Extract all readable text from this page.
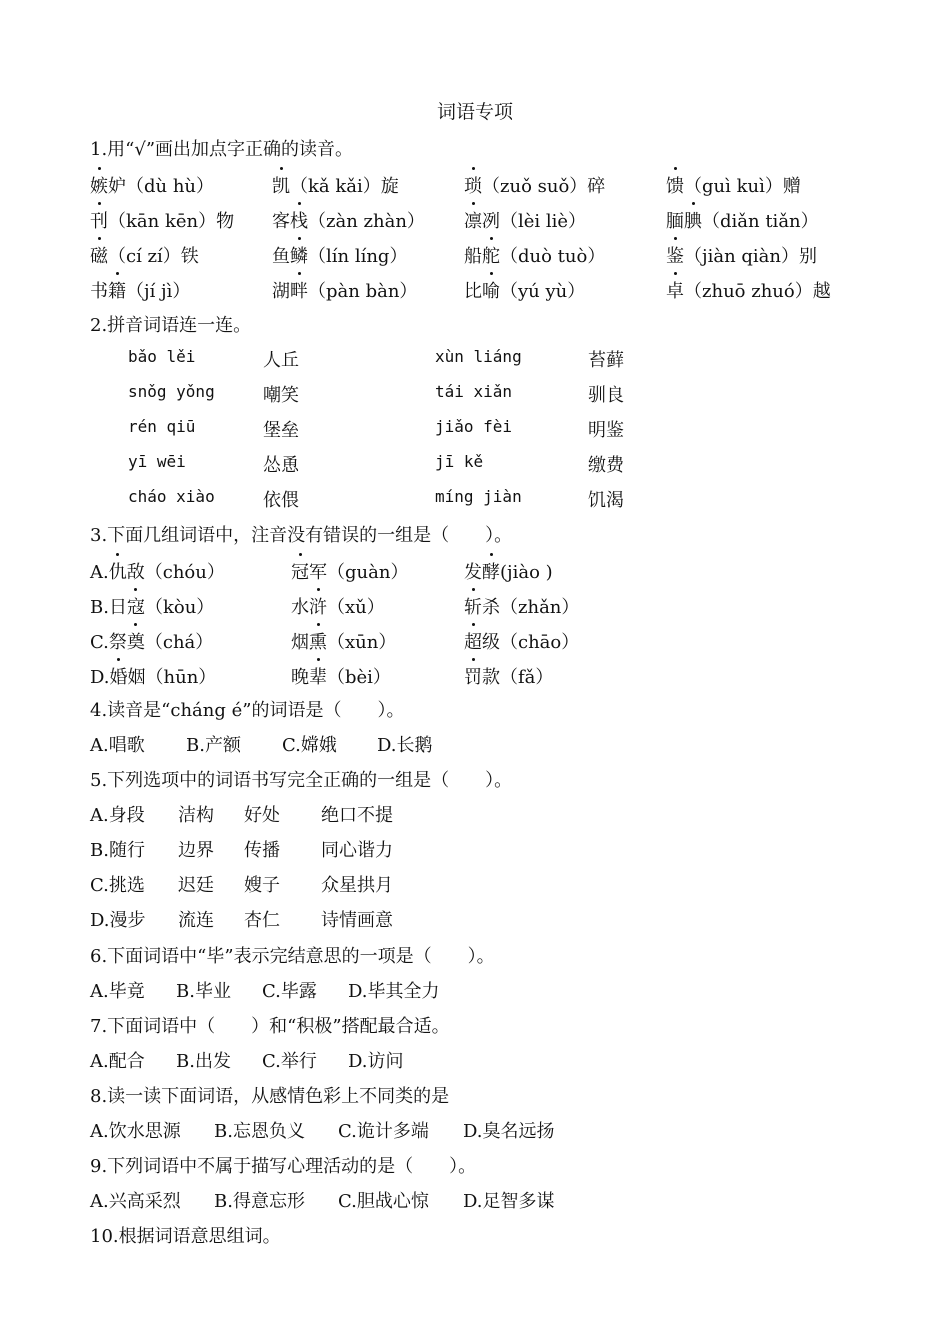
词语专项
1.用“√”画出加点字正确的读音。
2.拼音词语连一连。
3.下面几组词语中，注音没有错误的一组是（　　）。
4.读音是“cháng é”的词语是（　　）。
5.下列选项中的词语书写完全正确的一组是（　　）。
6.下面词语中“毕”表示完结意思的一项是（　　）。
7.下面词语中（　　）和“积极”搭配最合适。
8.读一读下面词语，从感情色彩上不同类的是
9.下列词语中不属于描写心理活动的是（　　）。
10.根据词语意思组词。
嫉妒（dù hù）	凯（kǎ kǎi）旋	琐（zuǒ suǒ）碎	馈（guì kuì）赠
刊（kān kēn）物 客栈（zàn zhàn） 凛冽（lèi liè）	腼腆（diǎn tiǎn）
磁（cí zí）铁	鱼鳞（lín líng）	船舵（duò tuò）	鉴（jiàn qiàn）别
书籍（jí jì）	湖畔（pàn bàn）	比喻（yú yù）	卓（zhuō zhuó）越
bǎo lěi	人丘	xùn liáng	苔藓
snǒg yǒng	嘲笑	tái xiǎn	驯良
rén qiū	堡垒	jiǎo fèi	明鉴
yī wēi	怂恿	jī kě	缴费
cháo xiào	依偎	míng jiàn	饥渴
A.仇敌（chóu）	冠军（guàn）	发酵(jiào )
B.日寇（kòu）	水浒（xǔ）	斩杀（zhǎn）
C.祭奠（chá）	烟熏（xūn）	超级（chāo）
D.婚姻（hūn）	晚辈（bèi）	罚款（fǎ）
A.唱歌 B.产额 C.嫦娥 D.长鹅
A.毕竟 B.毕业 C.毕露 D.毕其全力
A.配合 B.出发 C.举行 D.访问
A.饮水思源 B.忘恩负义 C.诡计多端 D.臭名远扬
A.兴高采烈 B.得意忘形 C.胆战心惊 D.足智多谋
A.身段 洁构 好处 绝口不提
B.随行 边界 传播 同心谐力
C.挑选 迟廷 嫂子 众星拱月
D.漫步 流连 杏仁 诗情画意
